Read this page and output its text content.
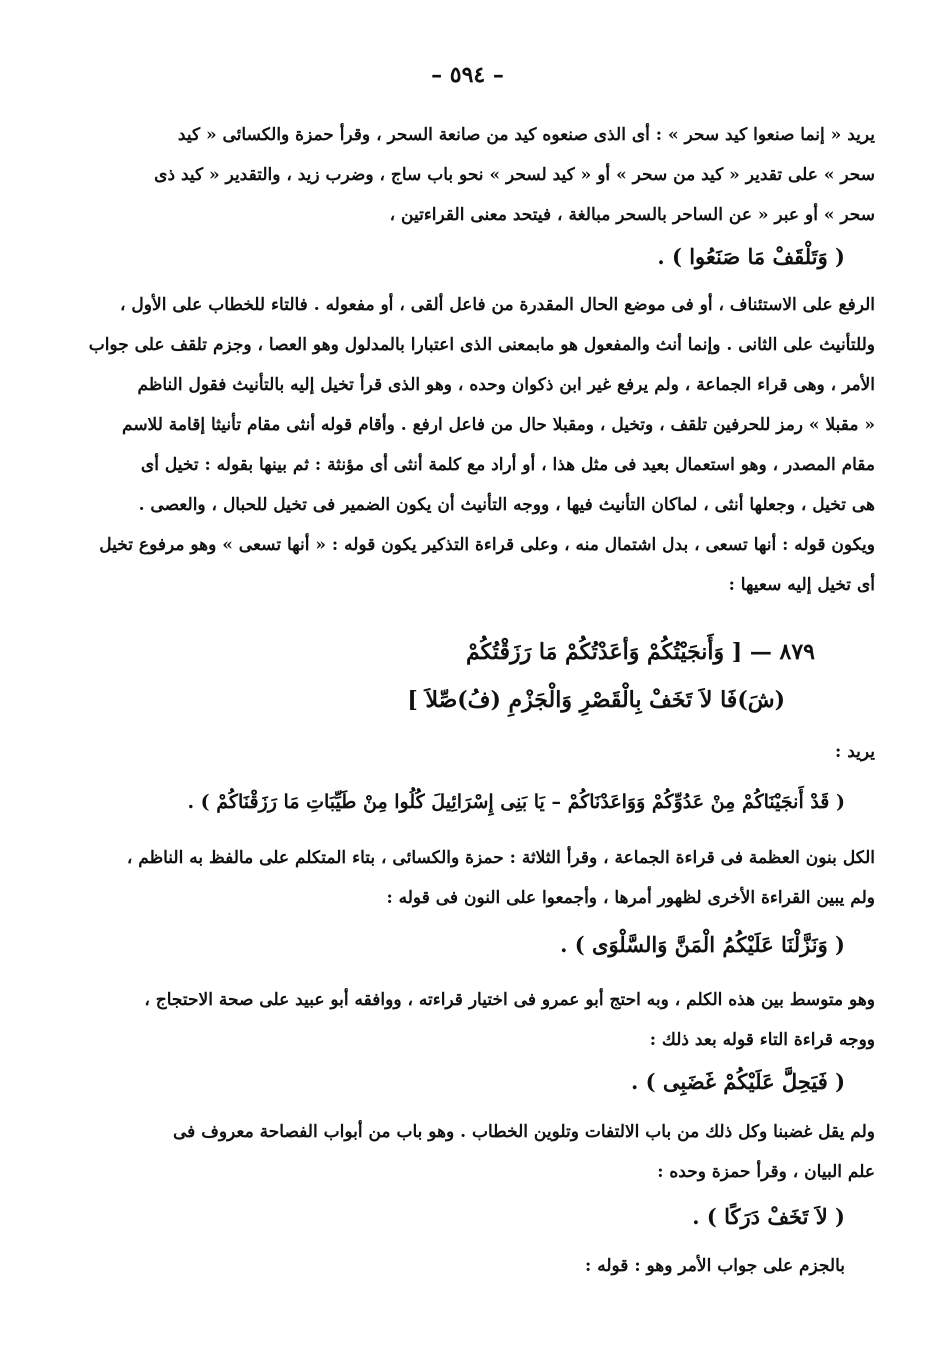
– ٥٩٤ –
يريد « إنما صنعوا كيد سحر » : أى الذى صنعوه كيد من صانعة السحر ، وقرأ حمزة والكسائى « كيد
سحر » على تقدير « كيد من سحر » أو « كيد لسحر » نحو باب ساج ، وضرب زيد ، والتقدير « كيد ذى
سحر » أو عبر « عن الساحر بالسحر مبالغة ، فيتحد معنى القراءتين ،
( وَتَلْقَفْ مَا صَنَعُوا ) .
الرفع على الاستئناف ، أو فى موضع الحال المقدرة من فاعل ألقى ، أو مفعوله . فالتاء للخطاب على الأول ،
وللتأنيث على الثانى . وإنما أنث والمفعول هو مابمعنى الذى اعتبارا بالمدلول وهو العصا ، وجزم تلقف على جواب
الأمر ، وهى قراء الجماعة ، ولم يرفع غير ابن ذكوان وحده ، وهو الذى قرأ تخيل إليه بالتأنيث فقول الناظم
« مقبلا » رمز للحرفين تلقف ، وتخيل ، ومقبلا حال من فاعل ارفع . وأقام قوله أنثى مقام تأنيثا إقامة للاسم
مقام المصدر ، وهو استعمال بعيد فى مثل هذا ، أو أراد مع كلمة أنثى أى مؤنثة : ثم بينها بقوله : تخيل أى
هى تخيل ، وجعلها أنثى ، لماكان التأنيث فيها ، ووجه التأنيث أن يكون الضمير فى تخيل للحبال ، والعصى .
ويكون قوله : أنها تسعى ، بدل اشتمال منه ، وعلى قراءة التذكير يكون قوله : « أنها تسعى » وهو مرفوع تخيل
أى تخيل إليه سعيها :
٨٧٩ — [ وَأَنجَيْتُكُمْ وَأعَدْتُكُمْ مَا رَزَقْتُكُمْ
(شَ)فَا لاَ تَخَفْ بِالْقَصْرِ وَالْجَزْمِ (فُ)صِّلاَ ]
يريد :
( قَدْ أَنجَيْنَاكُمْ مِنْ عَدُوِّكُمْ وَوَاعَدْنَاكُمْ – يَا بَنِى إِسْرَائِيلَ كُلُوا مِنْ طَيِّبَاتِ مَا رَزَقْنَاكُمْ ) .
الكل بنون العظمة فى قراءة الجماعة ، وقرأ الثلاثة : حمزة والكسائى ، بتاء المتكلم على مالفظ به الناظم ،
ولم يبين القراءة الأخرى لظهور أمرها ، وأجمعوا على النون فى قوله :
( وَنَزَّلْنَا عَلَيْكُمُ الْمَنَّ وَالسَّلْوَى ) .
وهو متوسط بين هذه الكلم ، وبه احتج أبو عمرو فى اختيار قراءته ، ووافقه أبو عبيد على صحة الاحتجاج ،
ووجه قراءة التاء قوله بعد ذلك :
( فَيَحِلَّ عَلَيْكُمْ غَضَبِى ) .
ولم يقل غضبنا وكل ذلك من باب الالتفات وتلوين الخطاب . وهو باب من أبواب الفصاحة معروف فى
علم البيان ، وقرأ حمزة وحده :
( لاَ تَخَفْ دَرَكًا ) .
بالجزم على جواب الأمر وهو : قوله :
